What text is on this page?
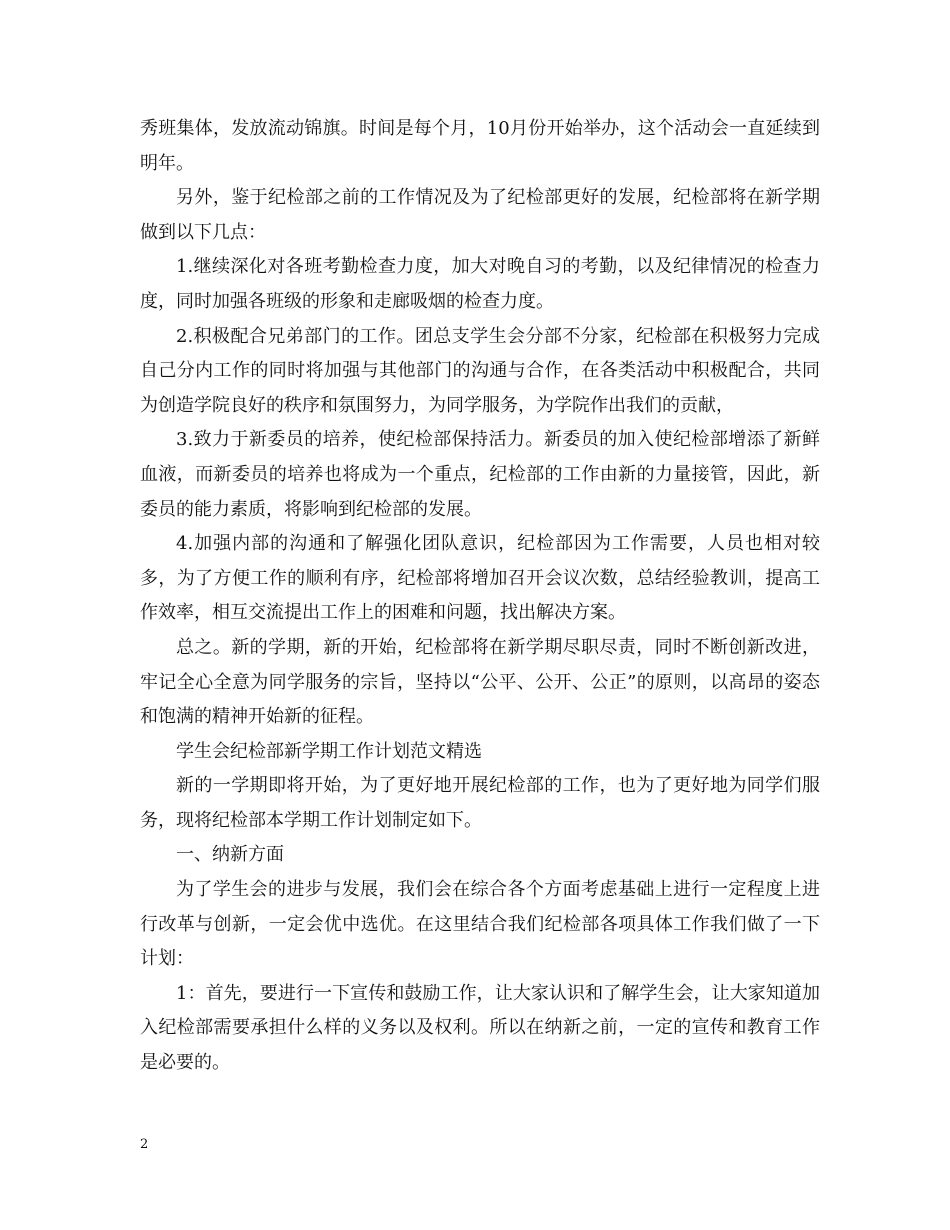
秀班集体，发放流动锦旗。时间是每个月，10月份开始举办，这个活动会一直延续到明年。

另外，鉴于纪检部之前的工作情况及为了纪检部更好的发展，纪检部将在新学期做到以下几点：

1.继续深化对各班考勤检查力度，加大对晚自习的考勤，以及纪律情况的检查力度，同时加强各班级的形象和走廊吸烟的检查力度。

2.积极配合兄弟部门的工作。团总支学生会分部不分家，纪检部在积极努力完成自己分内工作的同时将加强与其他部门的沟通与合作，在各类活动中积极配合，共同为创造学院良好的秩序和氛围努力，为同学服务，为学院作出我们的贡献，

3.致力于新委员的培养，使纪检部保持活力。新委员的加入使纪检部增添了新鲜血液，而新委员的培养也将成为一个重点，纪检部的工作由新的力量接管，因此，新委员的能力素质，将影响到纪检部的发展。

4.加强内部的沟通和了解强化团队意识，纪检部因为工作需要，人员也相对较多，为了方便工作的顺利有序，纪检部将增加召开会议次数，总结经验教训，提高工作效率，相互交流提出工作上的困难和问题，找出解决方案。

总之。新的学期，新的开始，纪检部将在新学期尽职尽责，同时不断创新改进，牢记全心全意为同学服务的宗旨，坚持以“公平、公开、公正”的原则，以高昂的姿态和饱满的精神开始新的征程。

学生会纪检部新学期工作计划范文精选

新的一学期即将开始，为了更好地开展纪检部的工作，也为了更好地为同学们服务，现将纪检部本学期工作计划制定如下。

一、纳新方面

为了学生会的进步与发展，我们会在综合各个方面考虑基础上进行一定程度上进行改革与创新，一定会优中选优。在这里结合我们纪检部各项具体工作我们做了一下计划：

1：首先，要进行一下宣传和鼓励工作，让大家认识和了解学生会，让大家知道加入纪检部需要承担什么样的义务以及权利。所以在纳新之前，一定的宣传和教育工作是必要的。

2
